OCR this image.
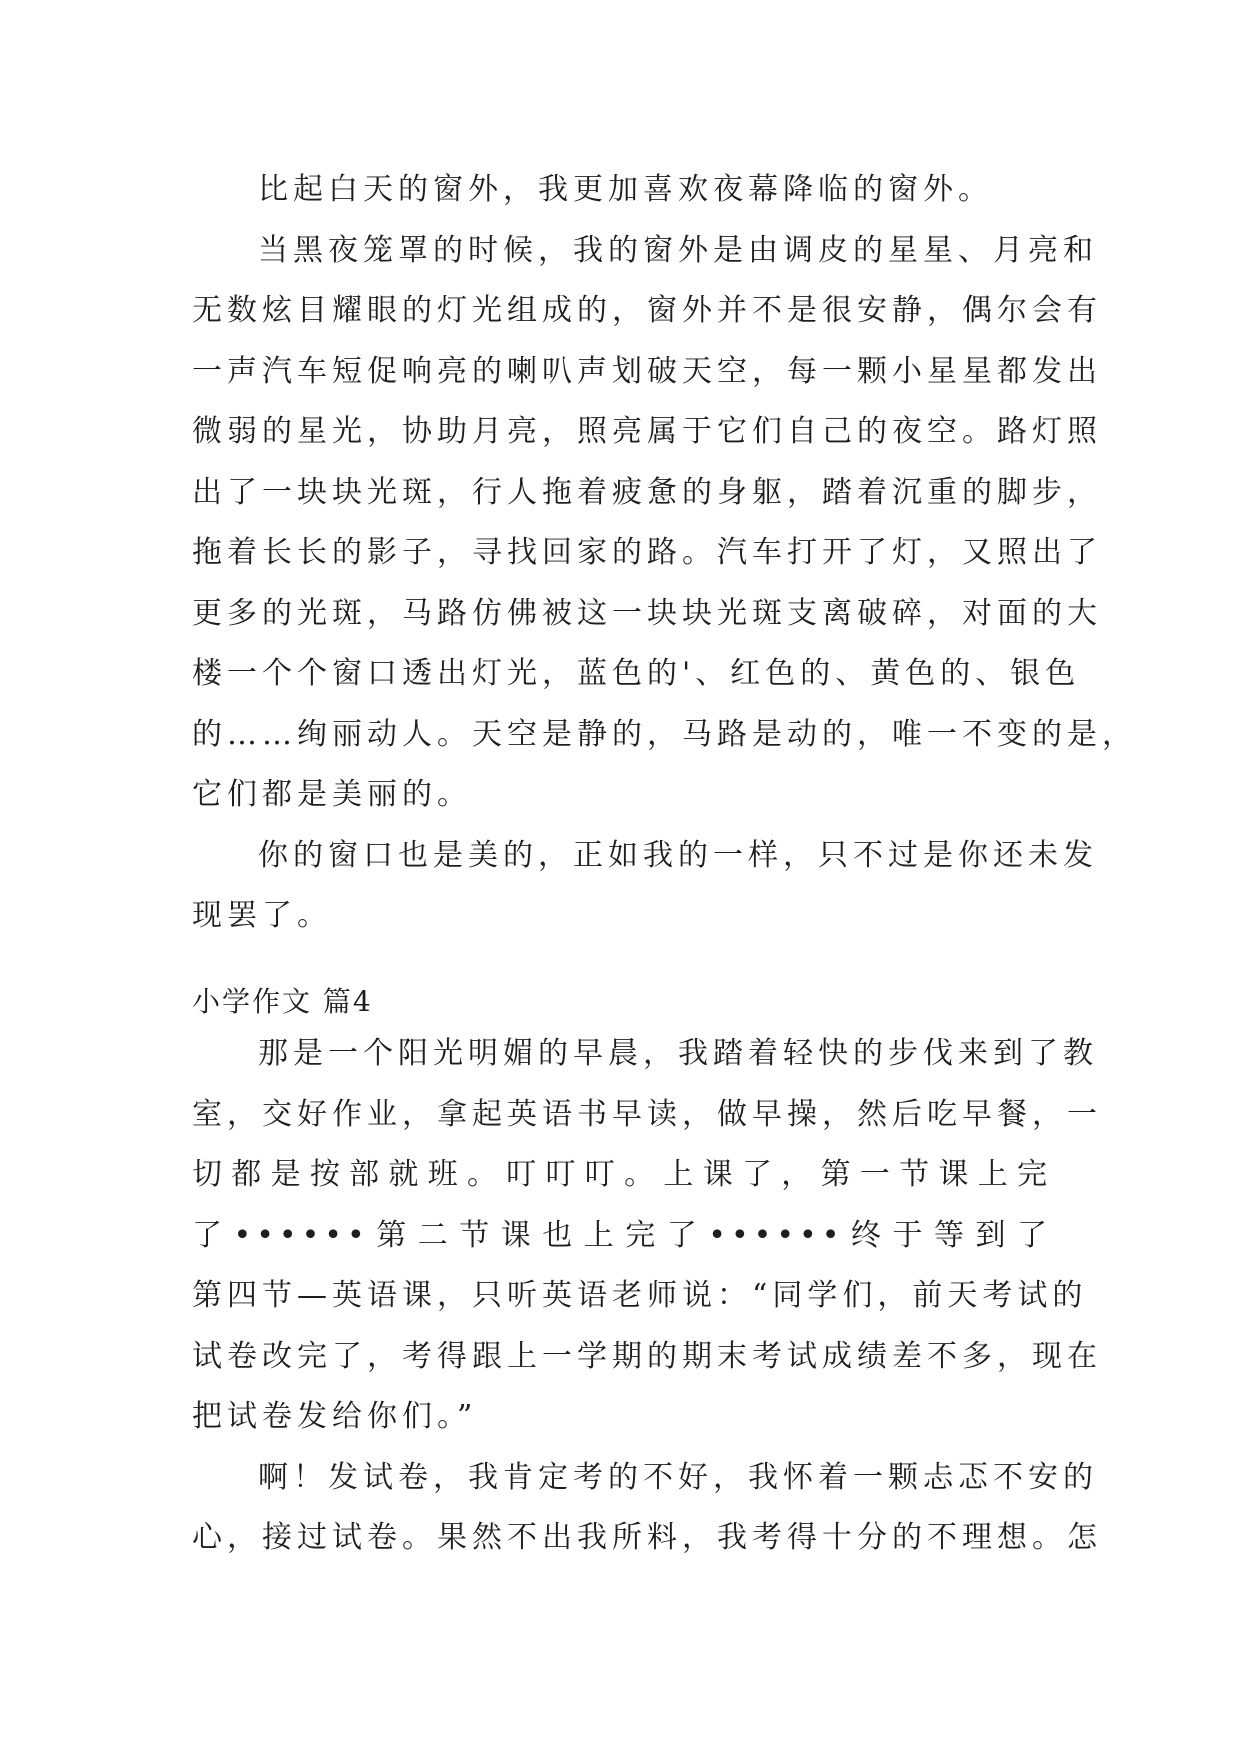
比起白天的窗外，我更加喜欢夜幕降临的窗外。
当黑夜笼罩的时候，我的窗外是由调皮的星星、月亮和
无数炫目耀眼的灯光组成的，窗外并不是很安静，偶尔会有
一声汽车短促响亮的喇叭声划破天空，每一颗小星星都发出
微弱的星光，协助月亮，照亮属于它们自己的夜空。路灯照
出了一块块光斑，行人拖着疲惫的身躯，踏着沉重的脚步，
拖着长长的影子，寻找回家的路。汽车打开了灯，又照出了
更多的光斑，马路仿佛被这一块块光斑支离破碎，对面的大
楼一个个窗口透出灯光，蓝色的'、红色的、黄色的、银色
的……绚丽动人。天空是静的，马路是动的，唯一不变的是，
它们都是美丽的。
你的窗口也是美的，正如我的一样，只不过是你还未发
现罢了。
小学作文 篇4
那是一个阳光明媚的早晨，我踏着轻快的步伐来到了教
室，交好作业，拿起英语书早读，做早操，然后吃早餐，一
切都是按部就班。叮叮叮。上课了，第一节课上完
了••••••第二节课也上完了••••••终于等到了
第四节—英语课，只听英语老师说：“同学们，前天考试的
试卷改完了，考得跟上一学期的期末考试成绩差不多，现在
把试卷发给你们。”
啊！发试卷，我肯定考的不好，我怀着一颗忐忑不安的
心，接过试卷。果然不出我所料，我考得十分的不理想。怎
